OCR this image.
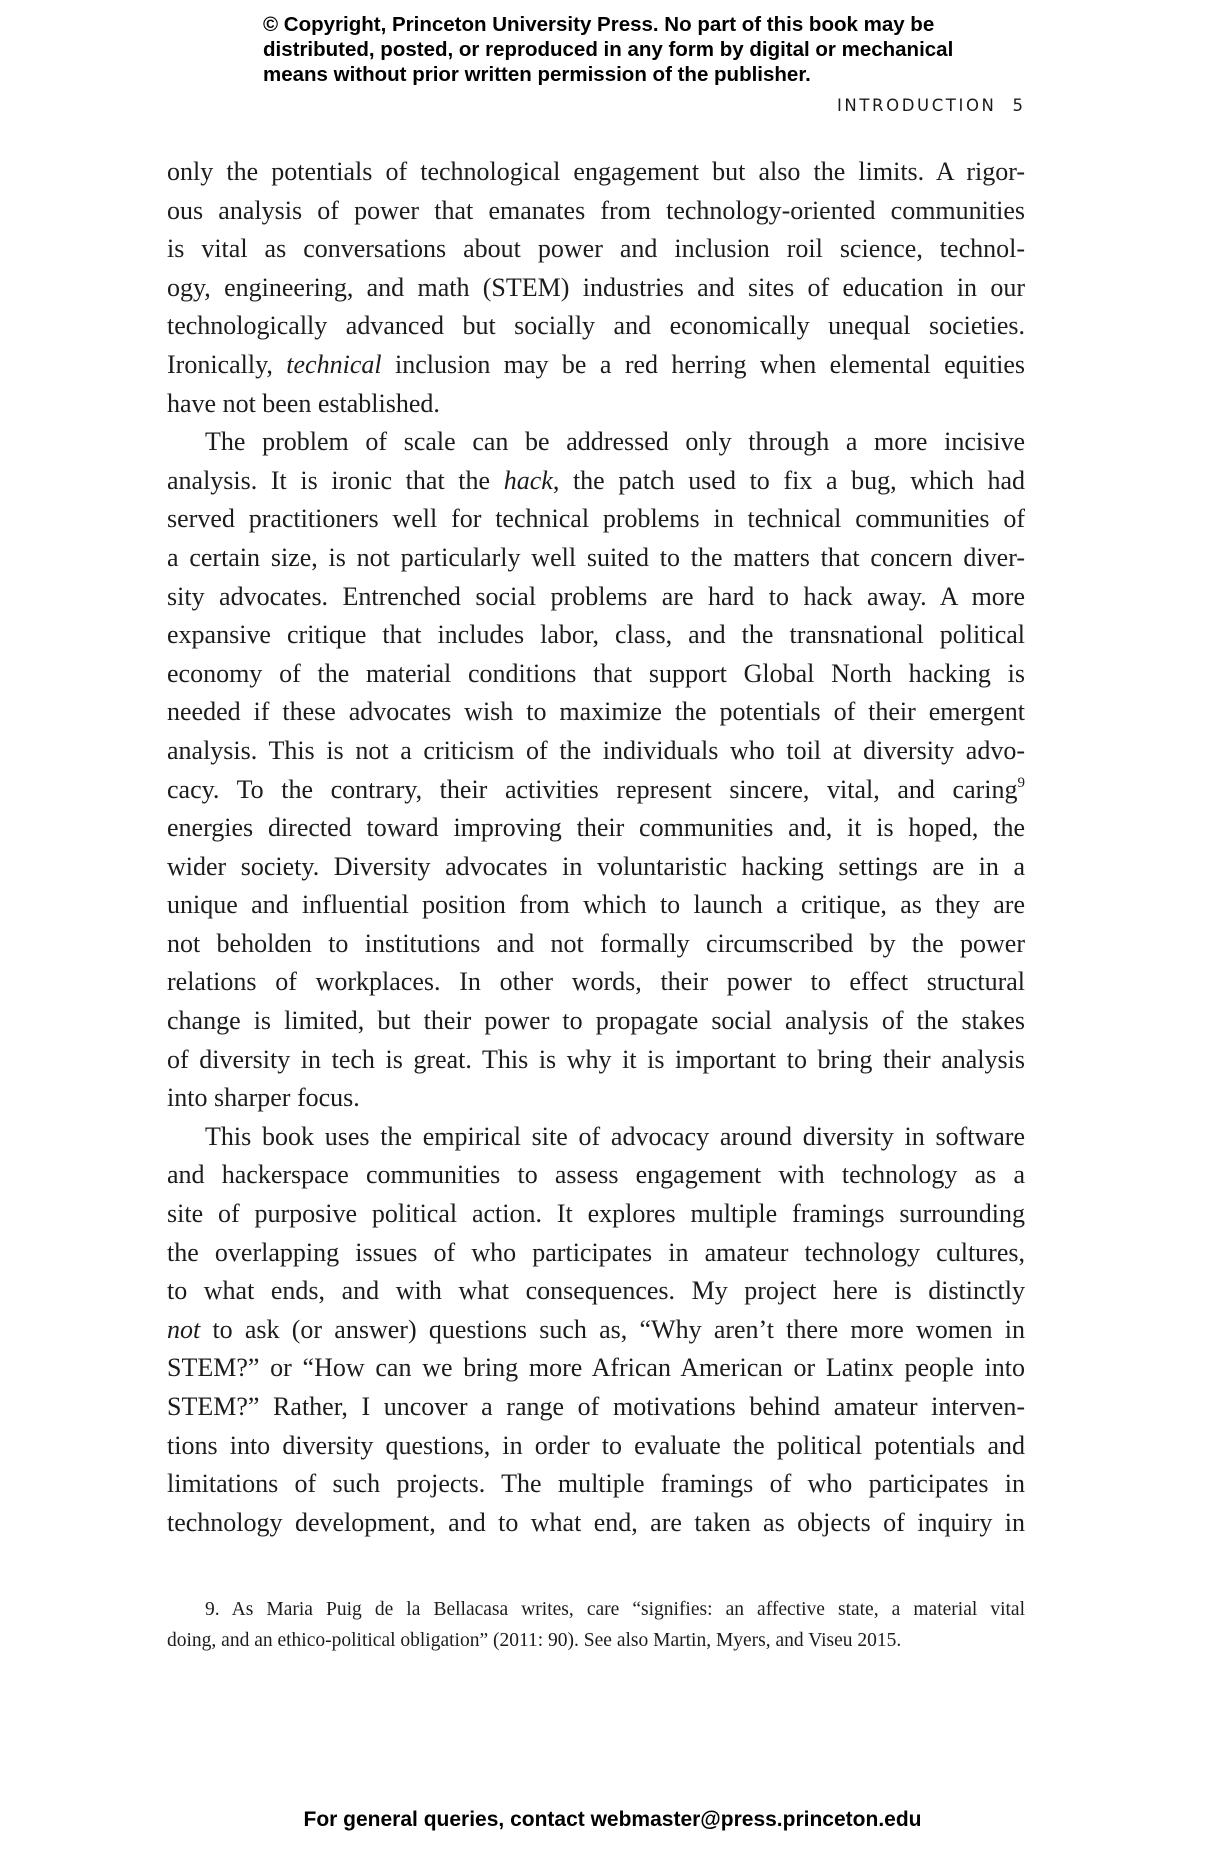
© Copyright, Princeton University Press. No part of this book may be
distributed, posted, or reproduced in any form by digital or mechanical
means without prior written permission of the publisher.
INTRODUCTION 5
only the potentials of technological engagement but also the limits. A rigor-
ous analysis of power that emanates from technology-oriented communities
is vital as conversations about power and inclusion roil science, technol-
ogy, engineering, and math (STEM) industries and sites of education in our
technologically advanced but socially and economically unequal societies.
Ironically, technical inclusion may be a red herring when elemental equities
have not been established.
The problem of scale can be addressed only through a more incisive
analysis. It is ironic that the hack, the patch used to fix a bug, which had
served practitioners well for technical problems in technical communities of
a certain size, is not particularly well suited to the matters that concern diver-
sity advocates. Entrenched social problems are hard to hack away. A more
expansive critique that includes labor, class, and the transnational political
economy of the material conditions that support Global North hacking is
needed if these advocates wish to maximize the potentials of their emergent
analysis. This is not a criticism of the individuals who toil at diversity advo-
cacy. To the contrary, their activities represent sincere, vital, and caring$^9$
energies directed toward improving their communities and, it is hoped, the
wider society. Diversity advocates in voluntaristic hacking settings are in a
unique and influential position from which to launch a critique, as they are
not beholden to institutions and not formally circumscribed by the power
relations of workplaces. In other words, their power to effect structural
change is limited, but their power to propagate social analysis of the stakes
of diversity in tech is great. This is why it is important to bring their analysis
into sharper focus.
This book uses the empirical site of advocacy around diversity in software
and hackerspace communities to assess engagement with technology as a
site of purposive political action. It explores multiple framings surrounding
the overlapping issues of who participates in amateur technology cultures,
to what ends, and with what consequences. My project here is distinctly
not to ask (or answer) questions such as, “Why aren’t there more women in
STEM?” or “How can we bring more African American or Latinx people into
STEM?” Rather, I uncover a range of motivations behind amateur interven-
tions into diversity questions, in order to evaluate the political potentials and
limitations of such projects. The multiple framings of who participates in
technology development, and to what end, are taken as objects of inquiry in
9. As Maria Puig de la Bellacasa writes, care “signifies: an affective state, a material vital
doing, and an ethico-political obligation” (2011: 90). See also Martin, Myers, and Viseu 2015.
For general queries, contact webmaster@press.princeton.edu
